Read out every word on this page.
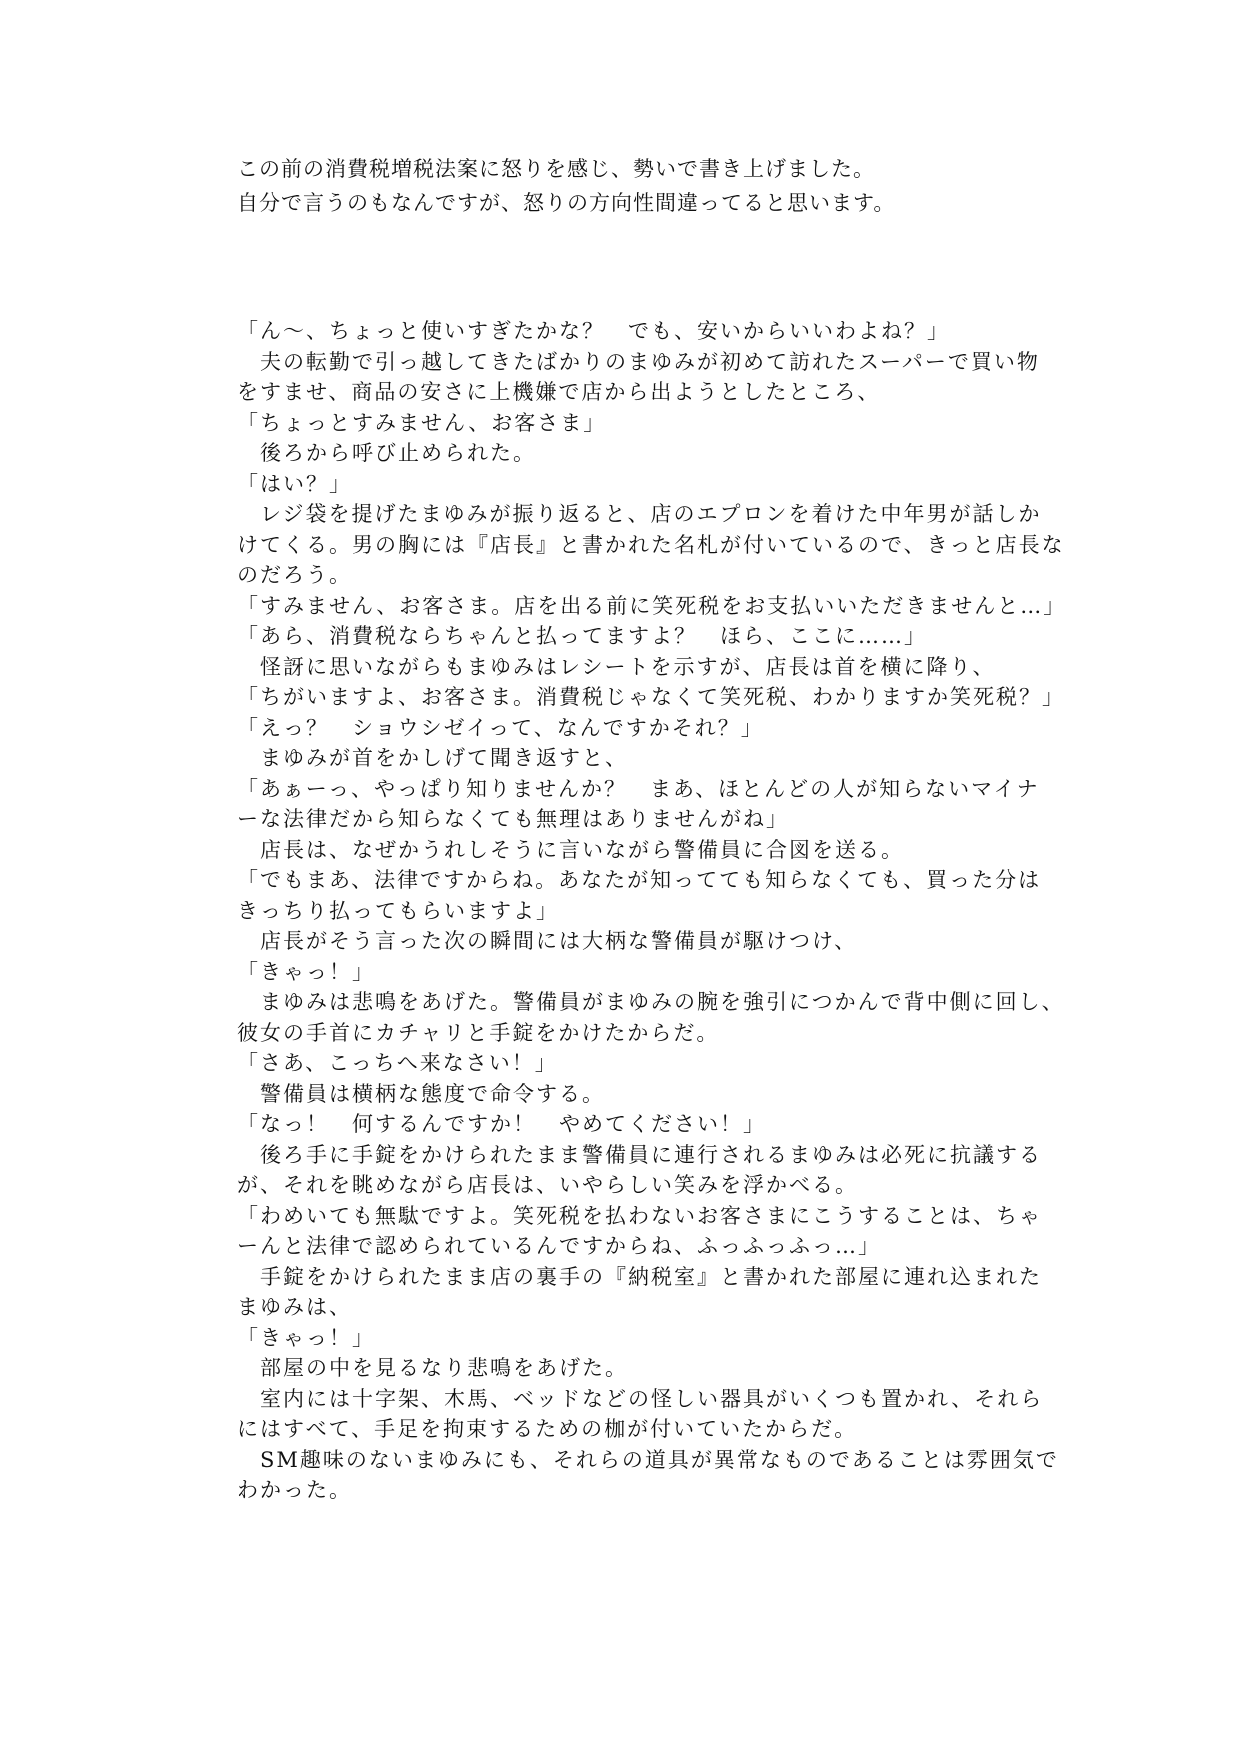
この前の消費税増税法案に怒りを感じ、勢いで書き上げました。
自分で言うのもなんですが、怒りの方向性間違ってると思います。
「ん～、ちょっと使いすぎたかな？　でも、安いからいいわよね？」
　夫の転勤で引っ越してきたばかりのまゆみが初めて訪れたスーパーで買い物
をすませ、商品の安さに上機嫌で店から出ようとしたところ、
「ちょっとすみません、お客さま」
　後ろから呼び止められた。
「はい？」
　レジ袋を提げたまゆみが振り返ると、店のエプロンを着けた中年男が話しか
けてくる。男の胸には『店長』と書かれた名札が付いているので、きっと店長な
のだろう。
「すみません、お客さま。店を出る前に笑死税をお支払いいただきませんと…」
「あら、消費税ならちゃんと払ってますよ？　ほら、ここに……」
　怪訝に思いながらもまゆみはレシートを示すが、店長は首を横に降り、
「ちがいますよ、お客さま。消費税じゃなくて笑死税、わかりますか笑死税？」
「えっ？　ショウシゼイって、なんですかそれ？」
　まゆみが首をかしげて聞き返すと、
「あぁーっ、やっぱり知りませんか？　まあ、ほとんどの人が知らないマイナ
ーな法律だから知らなくても無理はありませんがね」
　店長は、なぜかうれしそうに言いながら警備員に合図を送る。
「でもまあ、法律ですからね。あなたが知ってても知らなくても、買った分は
きっちり払ってもらいますよ」
　店長がそう言った次の瞬間には大柄な警備員が駆けつけ、
「きゃっ！」
　まゆみは悲鳴をあげた。警備員がまゆみの腕を強引につかんで背中側に回し、
彼女の手首にカチャリと手錠をかけたからだ。
「さあ、こっちへ来なさい！」
　警備員は横柄な態度で命令する。
「なっ！　何するんですか！　やめてください！」
　後ろ手に手錠をかけられたまま警備員に連行されるまゆみは必死に抗議する
が、それを眺めながら店長は、いやらしい笑みを浮かべる。
「わめいても無駄ですよ。笑死税を払わないお客さまにこうすることは、ちゃ
ーんと法律で認められているんですからね、ふっふっふっ…」
　手錠をかけられたまま店の裏手の『納税室』と書かれた部屋に連れ込まれた
まゆみは、
「きゃっ！」
　部屋の中を見るなり悲鳴をあげた。
　室内には十字架、木馬、ベッドなどの怪しい器具がいくつも置かれ、それら
にはすべて、手足を拘束するための枷が付いていたからだ。
　SM趣味のないまゆみにも、それらの道具が異常なものであることは雰囲気で
わかった。
